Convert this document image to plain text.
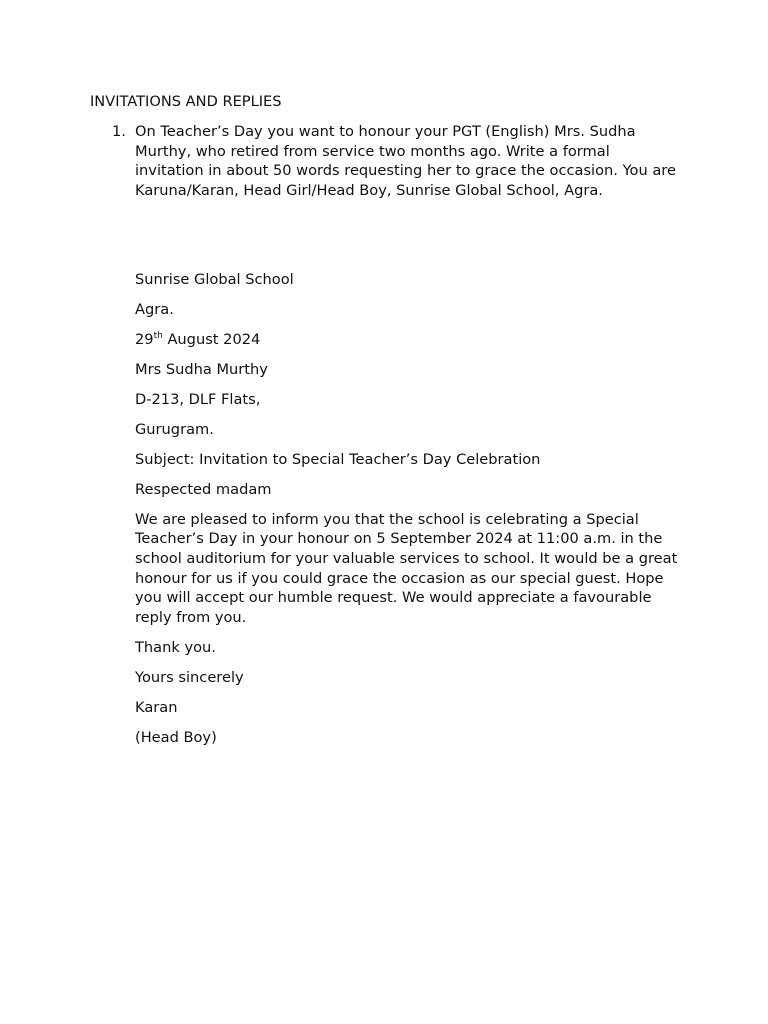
INVITATIONS AND REPLIES
1. On Teacher’s Day you want to honour your PGT (English) Mrs. Sudha Murthy, who retired from service two months ago. Write a formal invitation in about 50 words requesting her to grace the occasion. You are Karuna/Karan, Head Girl/Head Boy, Sunrise Global School, Agra.

Sunrise Global School

Agra.

29th August 2024

Mrs Sudha Murthy

D-213, DLF Flats,

Gurugram.

Subject: Invitation to Special Teacher’s Day Celebration

Respected madam

We are pleased to inform you that the school is celebrating a Special Teacher’s Day in your honour on 5 September 2024 at 11:00 a.m. in the school auditorium for your valuable services to school. It would be a great honour for us if you could grace the occasion as our special guest. Hope you will accept our humble request. We would appreciate a favourable reply from you.

Thank you.

Yours sincerely

Karan

(Head Boy)
